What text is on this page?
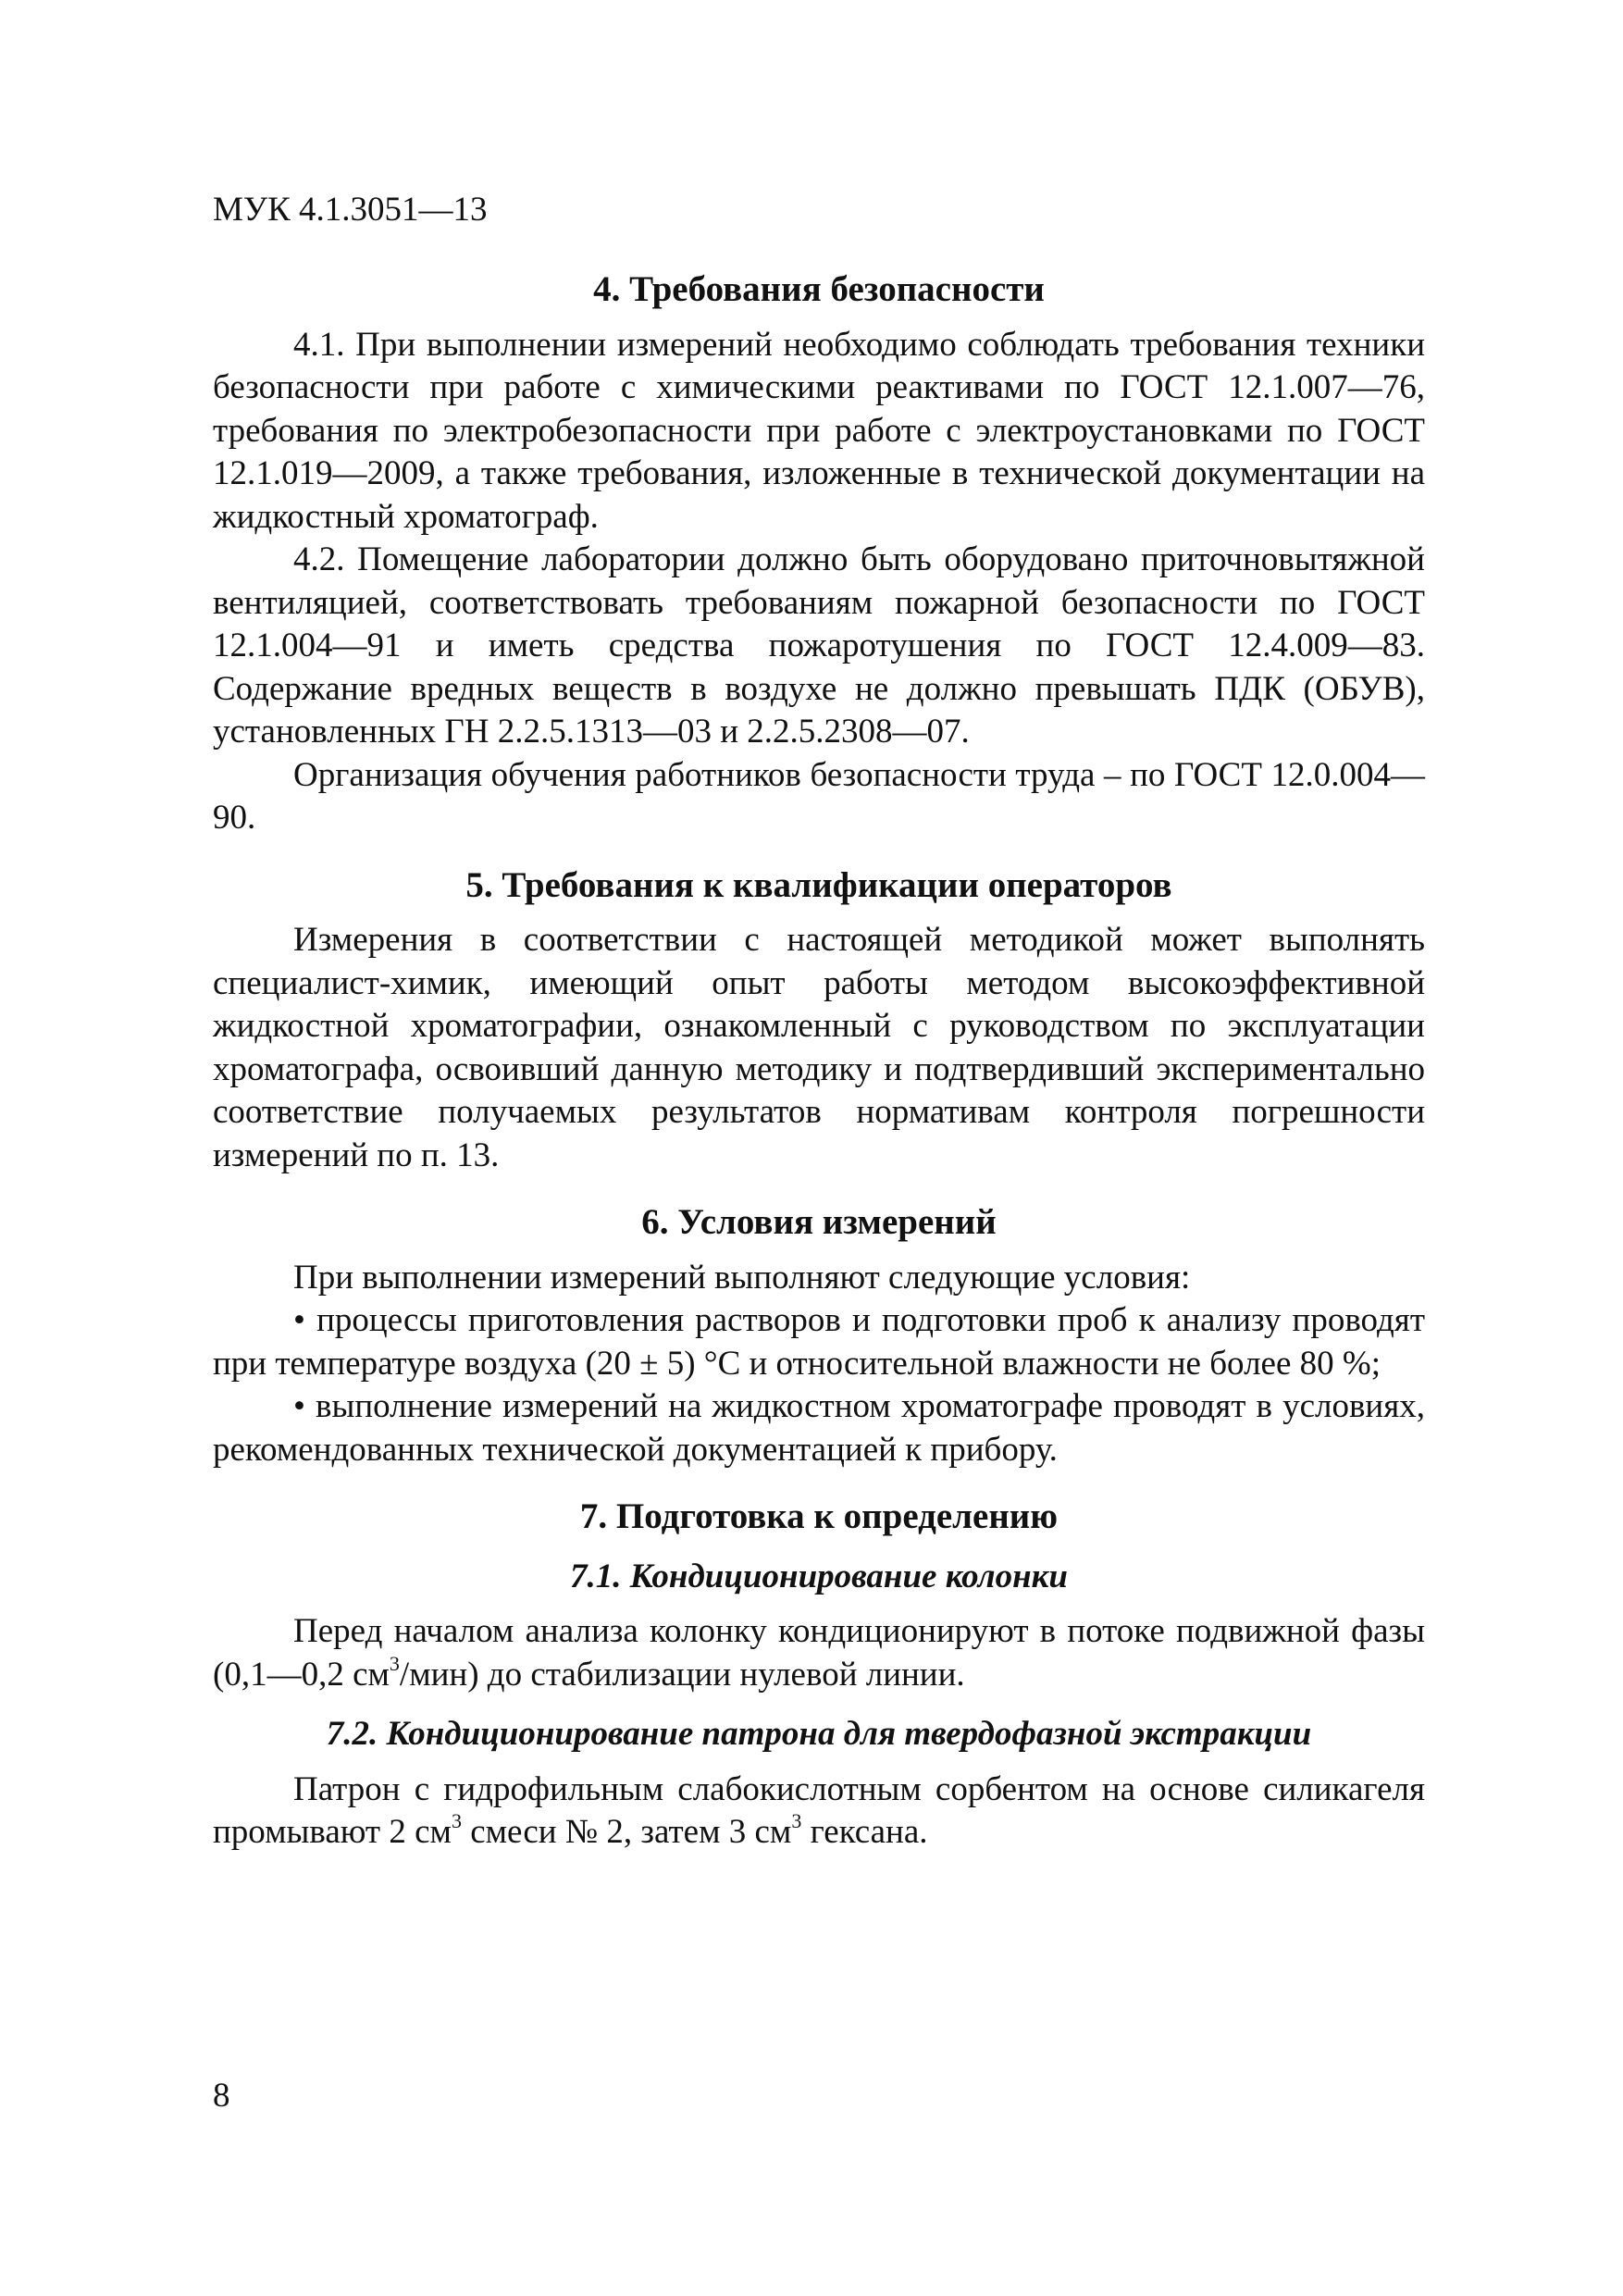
МУК 4.1.3051—13
4. Требования безопасности

4.1. При выполнении измерений необходимо соблюдать требования техники безопасности при работе с химическими реактивами по ГОСТ 12.1.007—76, требования по электробезопасности при работе с электроустановками по ГОСТ 12.1.019—2009, а также требования, изложенные в технической документации на жидкостный хроматограф.

4.2. Помещение лаборатории должно быть оборудовано приточновытяжной вентиляцией, соответствовать требованиям пожарной безопасности по ГОСТ 12.1.004—91 и иметь средства пожаротушения по ГОСТ 12.4.009—83. Содержание вредных веществ в воздухе не должно превышать ПДК (ОБУВ), установленных ГН 2.2.5.1313—03 и 2.2.5.2308—07.

Организация обучения работников безопасности труда – по ГОСТ 12.0.004—90.

5. Требования к квалификации операторов

Измерения в соответствии с настоящей методикой может выполнять специалист-химик, имеющий опыт работы методом высокоэффективной жидкостной хроматографии, ознакомленный с руководством по эксплуатации хроматографа, освоивший данную методику и подтвердивший экспериментально соответствие получаемых результатов нормативам контроля погрешности измерений по п. 13.

6. Условия измерений

При выполнении измерений выполняют следующие условия:

• процессы приготовления растворов и подготовки проб к анализу проводят при температуре воздуха (20 ± 5) °С и относительной влажности не более 80 %;

• выполнение измерений на жидкостном хроматографе проводят в условиях, рекомендованных технической документацией к прибору.

7. Подготовка к определению
7.1. Кондиционирование колонки

Перед началом анализа колонку кондиционируют в потоке подвижной фазы (0,1—0,2 $см^3/мин$) до стабилизации нулевой линии.

7.2. Кондиционирование патрона для твердофазной экстракции

Патрон с гидрофильным слабокислотным сорбентом на основе силикагеля промывают 2 $см^3$ смеси № 2, затем 3 $см^3$ гексана.

8
